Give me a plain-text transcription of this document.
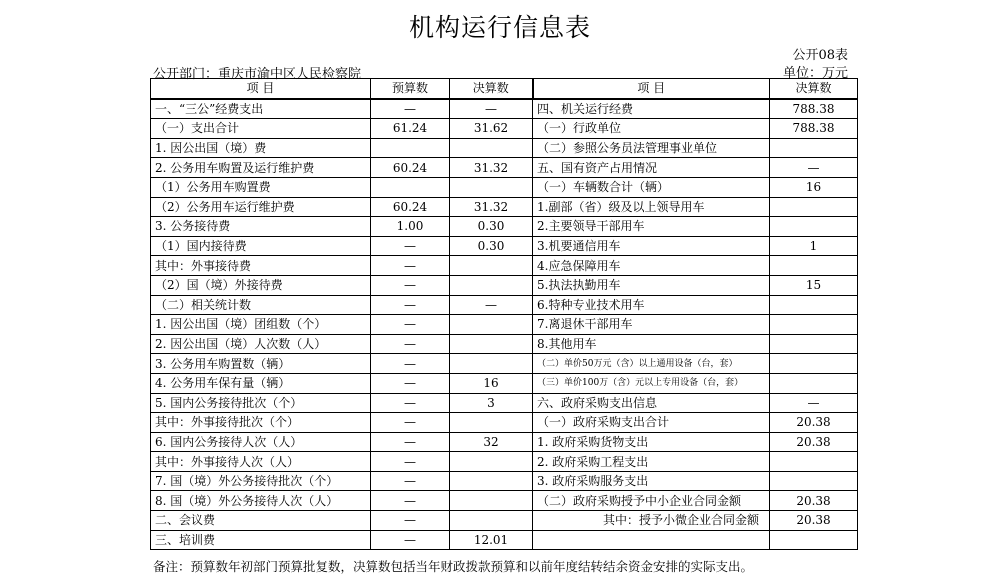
机构运行信息表
公开08表
公开部门：重庆市渝中区人民检察院	单位：万元
项 目	预算数	决算数	项 目	决算数
一、“三公”经费支出	—	—	四、机关运行经费	788.38
（一）支出合计	61.24	31.62	（一）行政单位	788.38
1. 因公出国（境）费			（二）参照公务员法管理事业单位	
2. 公务用车购置及运行维护费	60.24	31.32	五、国有资产占用情况	—
（1）公务用车购置费			（一）车辆数合计（辆）	16
（2）公务用车运行维护费	60.24	31.32	1.副部（省）级及以上领导用车	
3. 公务接待费	1.00	0.30	2.主要领导干部用车	
（1）国内接待费	—	0.30	3.机要通信用车	1
其中：外事接待费	—		4.应急保障用车	
（2）国（境）外接待费	—		5.执法执勤用车	15
（二）相关统计数	—	—	6.特种专业技术用车	
1. 因公出国（境）团组数（个）	—		7.离退休干部用车	
2. 因公出国（境）人次数（人）	—		8.其他用车	
3. 公务用车购置数（辆）	—		（二）单价50万元（含）以上通用设备（台，套）	
4. 公务用车保有量（辆）	—	16	（三）单价100万（含）元以上专用设备（台，套）	
5. 国内公务接待批次（个）	—	3	六、政府采购支出信息	—
其中：外事接待批次（个）	—		（一）政府采购支出合计	20.38
6. 国内公务接待人次（人）	—	32	1. 政府采购货物支出	20.38
其中：外事接待人次（人）	—		2. 政府采购工程支出	
7. 国（境）外公务接待批次（个）	—		3. 政府采购服务支出	
8. 国（境）外公务接待人次（人）	—		（二）政府采购授予中小企业合同金额	20.38
二、会议费	—		其中：授予小微企业合同金额	20.38
三、培训费	—	12.01		
备注：预算数年初部门预算批复数，决算数包括当年财政拨款预算和以前年度结转结余资金安排的实际支出。
